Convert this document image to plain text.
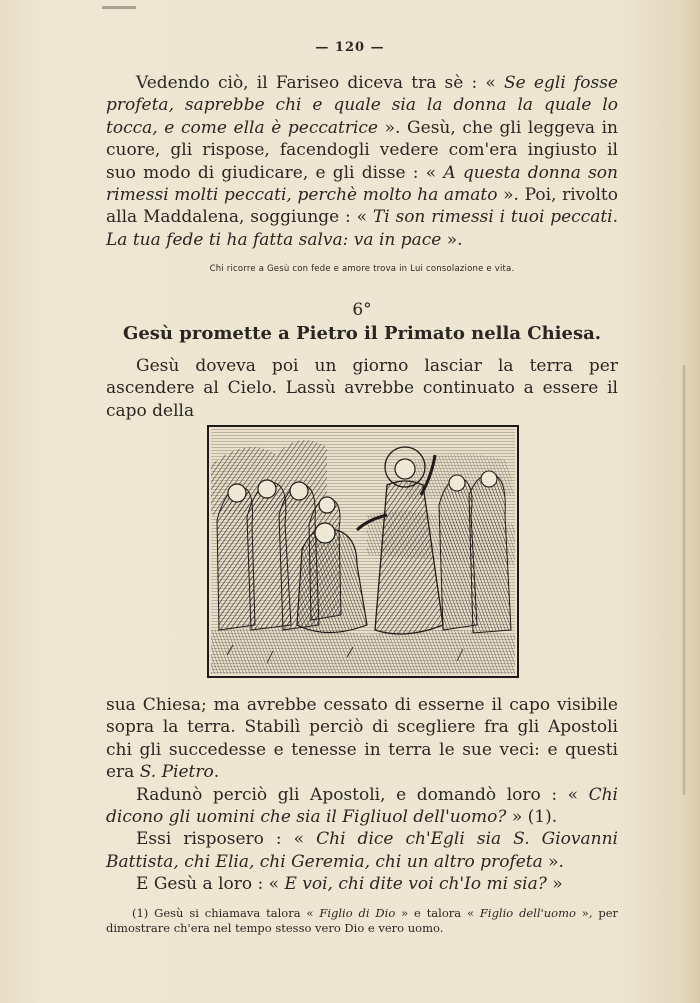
— 120 —

Vedendo ciò, il Fariseo diceva tra sè : « Se egli fosse profeta, saprebbe chi e quale sia la donna la quale lo tocca, e come ella è peccatrice ». Gesù, che gli leggeva in cuore, gli rispose, facendogli vedere com'era ingiusto il suo modo di giudicare, e gli disse : « A questa donna son rimessi molti peccati, perchè molto ha amato ». Poi, rivolto alla Maddalena, soggiunge : « Ti son rimessi i tuoi peccati. La tua fede ti ha fatta salva: va in pace ».

Chi ricorre a Gesù con fede e amore trova in Lui consolazione e vita.
6°
Gesù promette a Pietro il Primato nella Chiesa.

Gesù doveva poi un giorno lasciar la terra per ascendere al Cielo. Lassù avrebbe continuato a essere il capo della

sua Chiesa; ma avrebbe cessato di esserne il capo visibile sopra la terra. Stabilì perciò di scegliere fra gli Apostoli chi gli succedesse e tenesse in terra le sue veci: e questi era S. Pietro.

Radunò perciò gli Apostoli, e domandò loro : « Chi dicono gli uomini che sia il Figliuol dell'uomo? » (1).

Essi risposero : « Chi dice ch'Egli sia S. Giovanni Battista, chi Elia, chi Geremia, chi un altro profeta ».

E Gesù a loro : « E voi, chi dite voi ch'Io mi sia? »

(1) Gesù si chiamava talora « Figlio di Dio » e talora « Figlio dell'uomo », per dimostrare ch'era nel tempo stesso vero Dio e vero uomo.
